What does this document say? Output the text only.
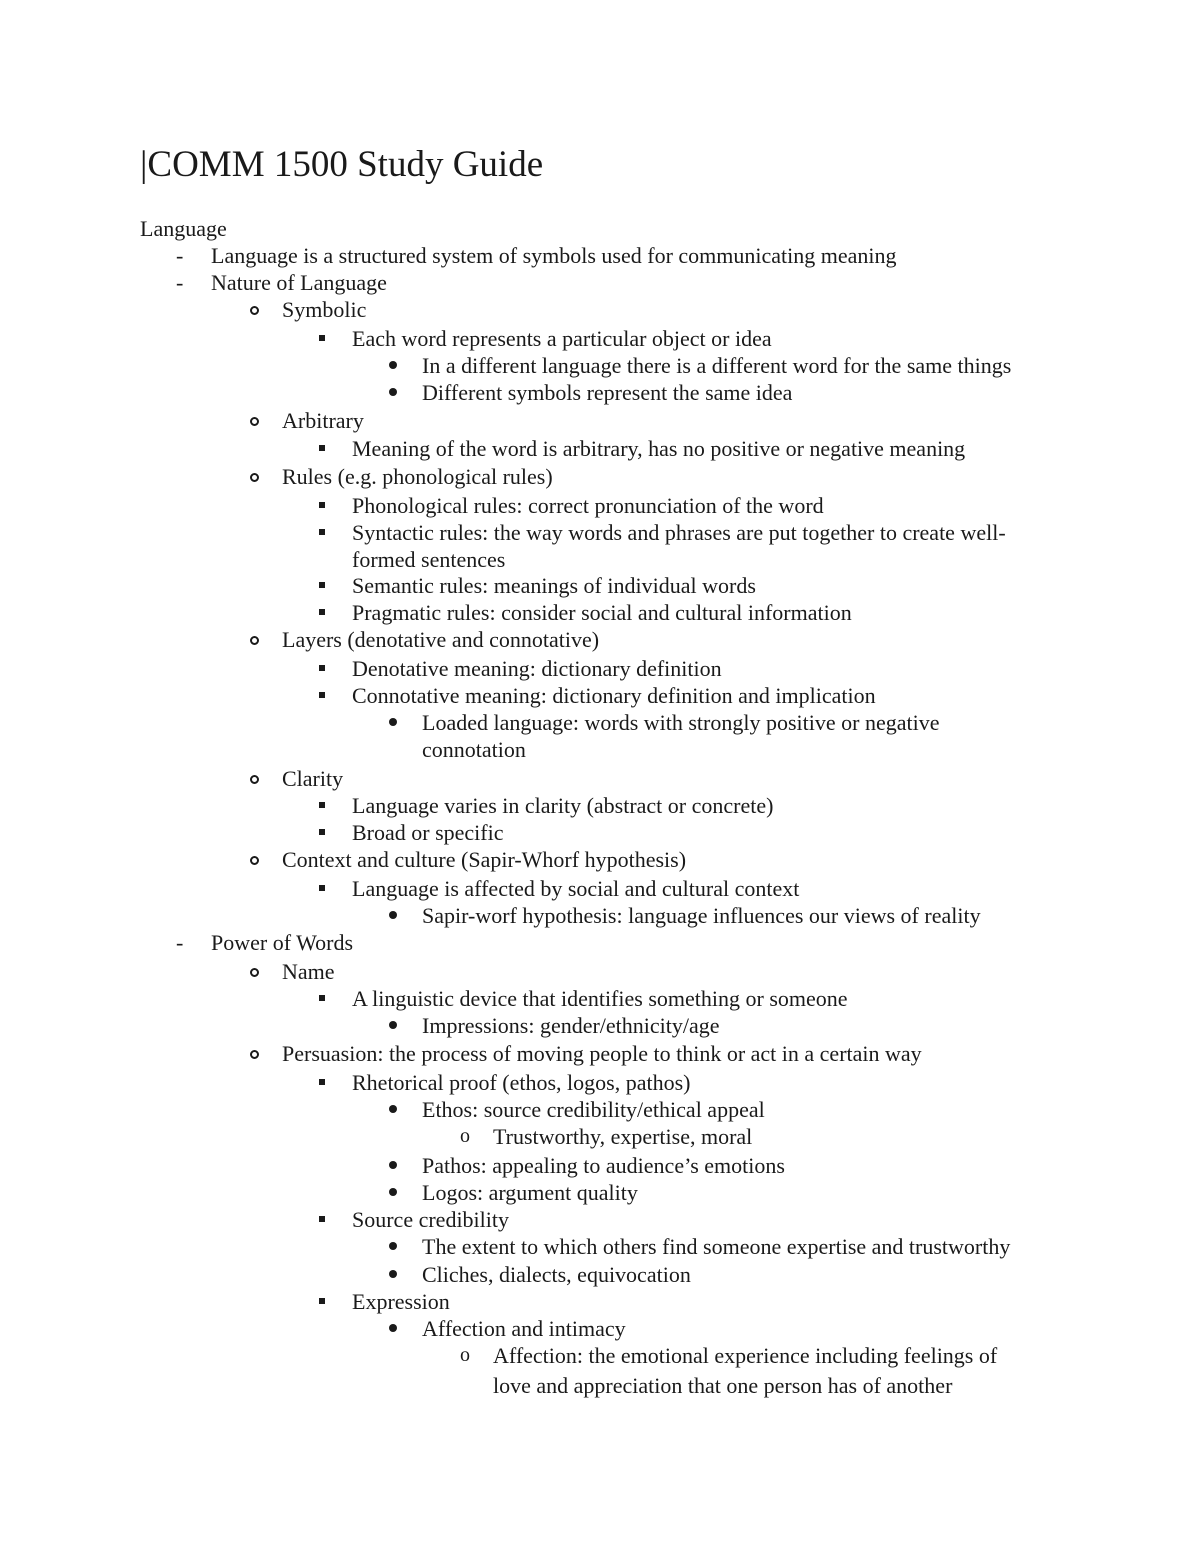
|COMM 1500 Study Guide
Language
- Language is a structured system of symbols used for communicating meaning
- Nature of Language
Symbolic
Each word represents a particular object or idea
In a different language there is a different word for the same things
Different symbols represent the same idea
Arbitrary
Meaning of the word is arbitrary, has no positive or negative meaning
Rules (e.g. phonological rules)
Phonological rules: correct pronunciation of the word
Syntactic rules: the way words and phrases are put together to create well-
formed sentences
Semantic rules: meanings of individual words
Pragmatic rules: consider social and cultural information
Layers (denotative and connotative)
Denotative meaning: dictionary definition
Connotative meaning: dictionary definition and implication
Loaded language: words with strongly positive or negative
connotation
Clarity
Language varies in clarity (abstract or concrete)
Broad or specific
Context and culture (Sapir-Whorf hypothesis)
Language is affected by social and cultural context
Sapir-worf hypothesis: language influences our views of reality
- Power of Words
Name
A linguistic device that identifies something or someone
Impressions: gender/ethnicity/age
Persuasion: the process of moving people to think or act in a certain way
Rhetorical proof (ethos, logos, pathos)
Ethos: source credibility/ethical appeal
o Trustworthy, expertise, moral
Pathos: appealing to audience’s emotions
Logos: argument quality
Source credibility
The extent to which others find someone expertise and trustworthy
Cliches, dialects, equivocation
Expression
Affection and intimacy
o Affection: the emotional experience including feelings of
love and appreciation that one person has of another
